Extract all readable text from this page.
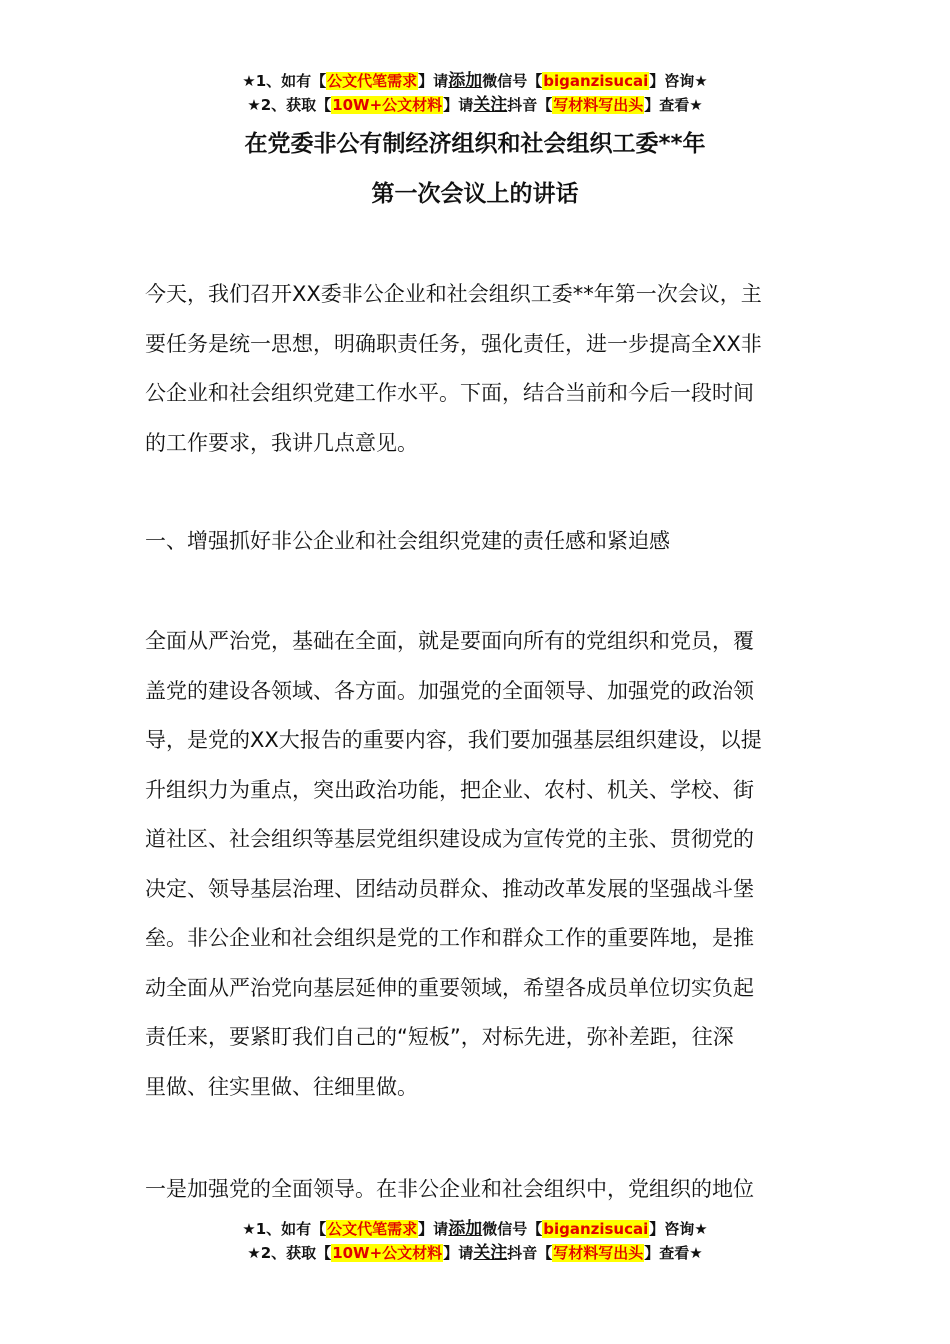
★1、如有【公文代笔需求】请添加微信号【biganzisucai】咨询★
★2、获取【10W+公文材料】请关注抖音【写材料写出头】查看★
在党委非公有制经济组织和社会组织工委**年
第一次会议上的讲话
今天，我们召开XX委非公企业和社会组织工委**年第一次会议，主
要任务是统一思想，明确职责任务，强化责任，进一步提高全XX非
公企业和社会组织党建工作水平。下面，结合当前和今后一段时间
的工作要求，我讲几点意见。
一、增强抓好非公企业和社会组织党建的责任感和紧迫感
全面从严治党，基础在全面，就是要面向所有的党组织和党员，覆
盖党的建设各领域、各方面。加强党的全面领导、加强党的政治领
导，是党的XX大报告的重要内容，我们要加强基层组织建设，以提
升组织力为重点，突出政治功能，把企业、农村、机关、学校、街
道社区、社会组织等基层党组织建设成为宣传党的主张、贯彻党的
决定、领导基层治理、团结动员群众、推动改革发展的坚强战斗堡
垒。非公企业和社会组织是党的工作和群众工作的重要阵地，是推
动全面从严治党向基层延伸的重要领域，希望各成员单位切实负起
责任来，要紧盯我们自己的“短板”，对标先进，弥补差距，往深
里做、往实里做、往细里做。
一是加强党的全面领导。在非公企业和社会组织中，党组织的地位
★1、如有【公文代笔需求】请添加微信号【biganzisucai】咨询★
★2、获取【10W+公文材料】请关注抖音【写材料写出头】查看★
